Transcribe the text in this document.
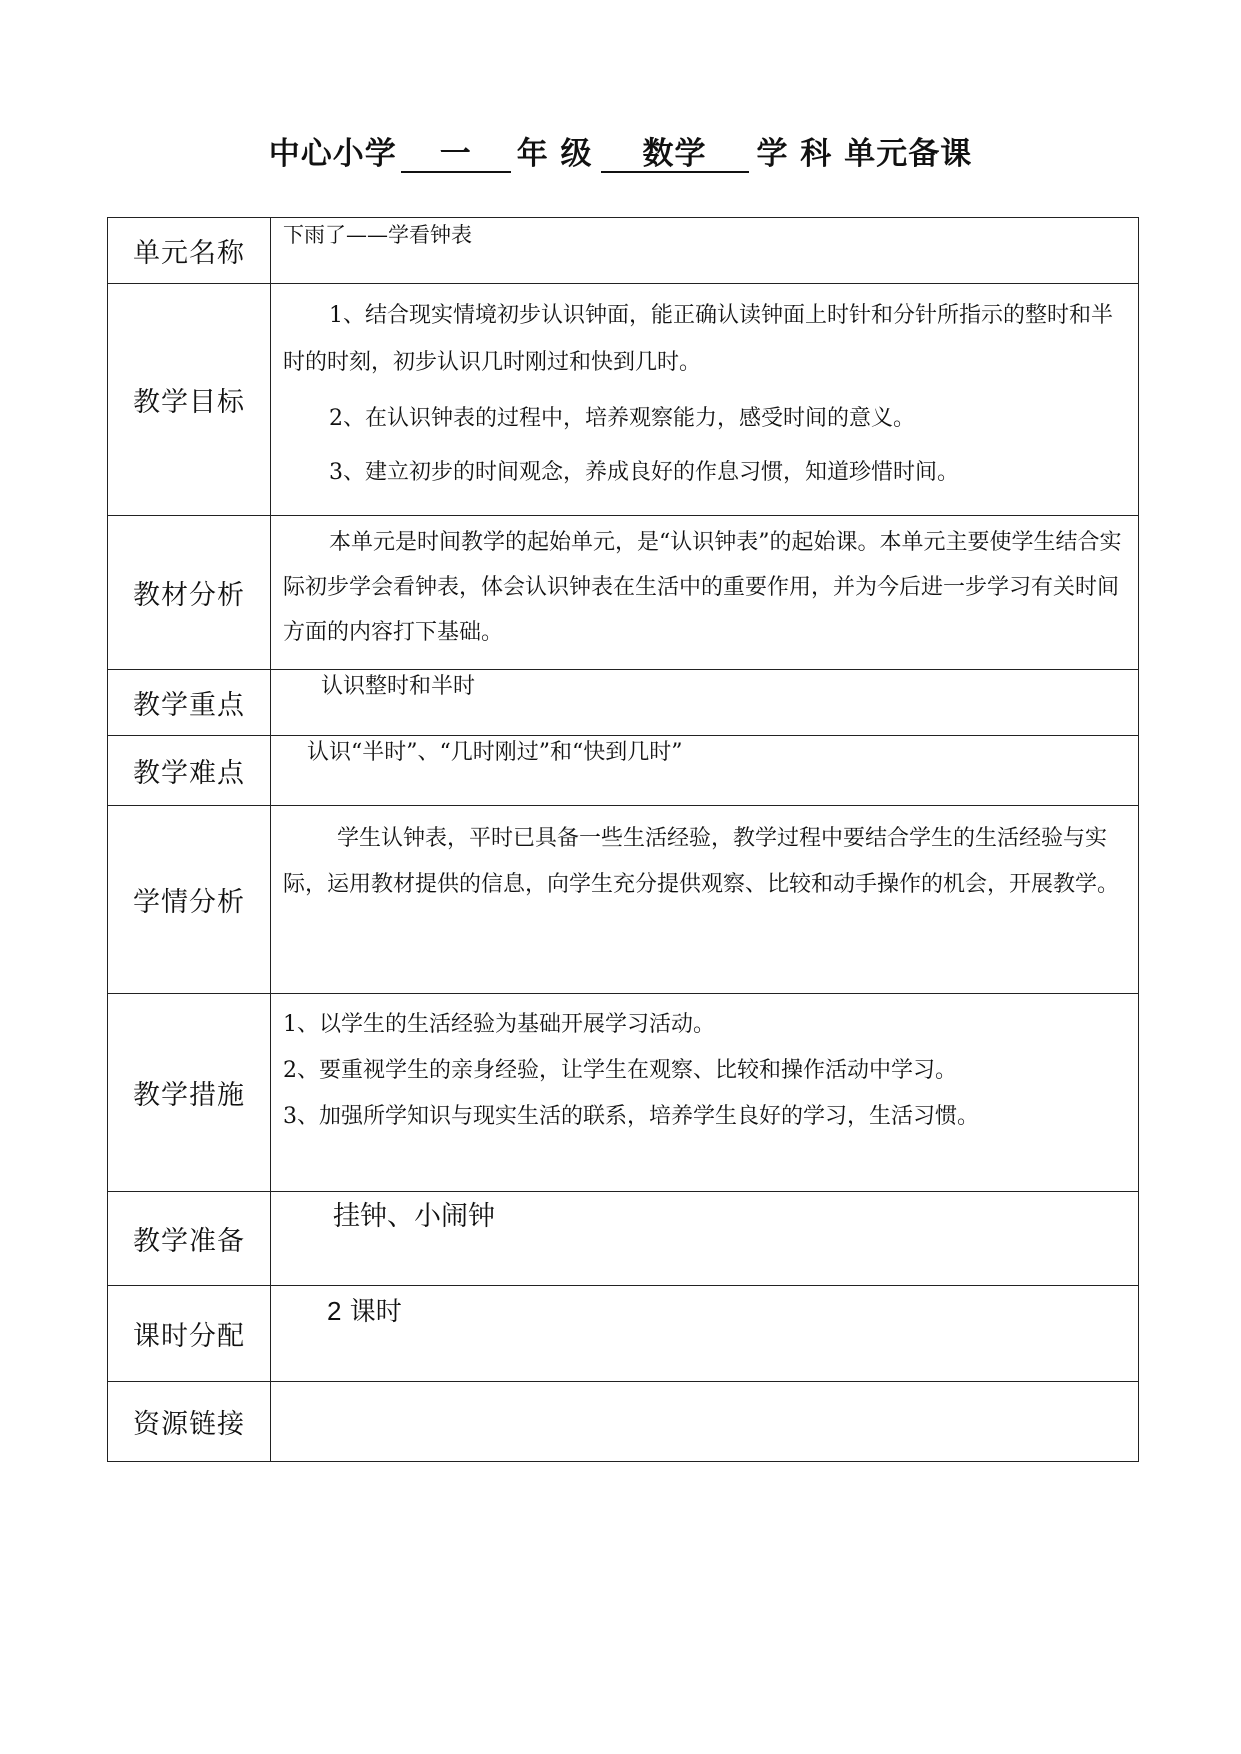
中心小学 一 年 级 数学 学 科 单元备课
单元名称	下雨了——学看钟表

教学目标	1、结合现实情境初步认识钟面，能正确认读钟面上时针和分针所指示的整时和半时的时刻，初步认识几时刚过和快到几时。

2、在认识钟表的过程中，培养观察能力，感受时间的意义。

3、建立初步的时间观念，养成良好的作息习惯，知道珍惜时间。

教材分析	本单元是时间教学的起始单元，是“认识钟表”的起始课。本单元主要使学生结合实际初步学会看钟表，体会认识钟表在生活中的重要作用，并为今后进一步学习有关时间方面的内容打下基础。

教学重点	认识整时和半时

教学难点	认识“半时”、“几时刚过”和“快到几时”

学情分析	学生认钟表，平时已具备一些生活经验，教学过程中要结合学生的生活经验与实际，运用教材提供的信息，向学生充分提供观察、比较和动手操作的机会，开展教学。

教学措施	1、以学生的生活经验为基础开展学习活动。

2、要重视学生的亲身经验，让学生在观察、比较和操作活动中学习。

3、加强所学知识与现实生活的联系，培养学生良好的学习，生活习惯。

教学准备	挂钟、小闹钟

课时分配	2 课时

资源链接	
